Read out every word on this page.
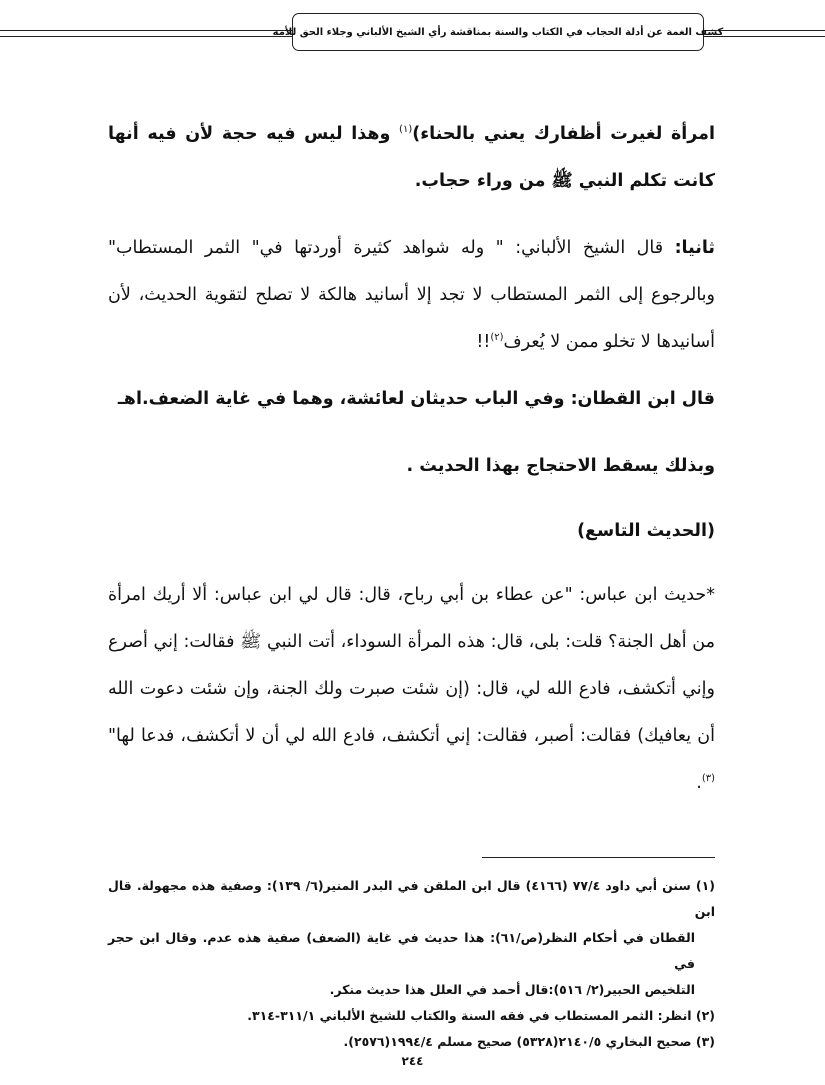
كشف الغمة عن أدلة الحجاب في الكتاب والسنة بمناقشة رأي الشيخ الألباني وجلاء الحق للأمة

امرأة لغيرت أظفارك يعني بالحناء)$^{(١)}$ وهذا ليس فيه حجة لأن فيه أنها كانت تكلم النبي ﷺ من وراء حجاب.

ثانيا: قال الشيخ الألباني: " وله شواهد كثيرة أوردتها في" الثمر المستطاب" وبالرجوع إلى الثمر المستطاب لا تجد إلا أسانيد هالكة لا تصلح لتقوية الحديث، لأن أسانيدها لا تخلو ممن لا يُعرف$^{(٢)}$!!

قال ابن القطان: وفي الباب حديثان لعائشة، وهما في غاية الضعف.اهـ

وبذلك يسقط الاحتجاج بهذا الحديث .

(الحديث التاسع)

*حديث ابن عباس: "عن عطاء بن أبي رباح، قال: قال لي ابن عباس: ألا أريك امرأة من أهل الجنة؟ قلت: بلى، قال: هذه المرأة السوداء، أتت النبي ﷺ فقالت: إني أصرع وإني أتكشف، فادع الله لي، قال: (إن شئت صبرت ولك الجنة، وإن شئت دعوت الله أن يعافيك) فقالت: أصبر، فقالت: إني أتكشف، فادع الله لي أن لا أتكشف، فدعا لها"$^{(٣)}$.

(١) سنن أبي داود ٧٧/٤ (٤١٦٦) قال ابن الملقن في البدر المنير(٦/ ١٣٩): وصفية هذه مجهولة. قال ابن

القطان في أحكام النظر(ص/٦١): هذا حديث في غاية (الضعف) صفية هذه عدم. وقال ابن حجر في

التلخيص الحبير(٢/ ٥١٦):قال أحمد في العلل هذا حديث منكر.

(٢) انظر: الثمر المستطاب في فقه السنة والكتاب للشيخ الألباني ٣١١/١-٣١٤.

(٣) صحيح البخاري ٢١٤٠/٥(٥٣٢٨) صحيح مسلم ١٩٩٤/٤(٢٥٧٦).

٢٤٤
